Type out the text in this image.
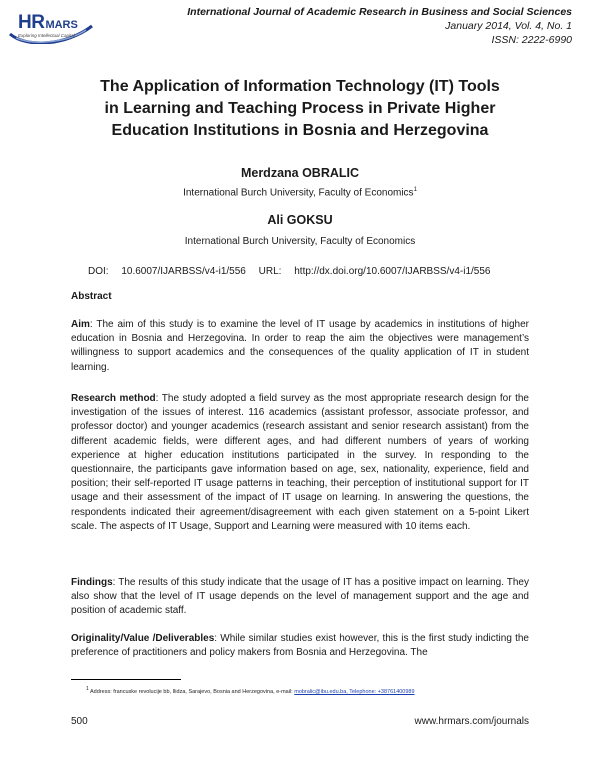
HRMARS
Exploring Intellectual Capital
International Journal of Academic Research in Business and Social Sciences
January 2014, Vol. 4, No. 1
ISSN: 2222-6990
The Application of Information Technology (IT) Tools
in Learning and Teaching Process in Private Higher
Education Institutions in Bosnia and Herzegovina
Merdzana OBRALIC
International Burch University, Faculty of Economics$^1$
Ali GOKSU
International Burch University, Faculty of Economics
DOI: 10.6007/IJARBSS/v4-i1/556 URL: http://dx.doi.org/10.6007/IJARBSS/v4-i1/556
Abstract
Aim: The aim of this study is to examine the level of IT usage by academics in institutions of higher education in Bosnia and Herzegovina. In order to reap the aim the objectives were management’s willingness to support academics and the consequences of the quality application of IT in student learning.
Research method: The study adopted a field survey as the most appropriate research design for the investigation of the issues of interest. 116 academics (assistant professor, associate professor, and professor doctor) and younger academics (research assistant and senior research assistant) from the different academic fields, were different ages, and had different numbers of years of working experience at higher education institutions participated in the survey. In responding to the questionnaire, the participants gave information based on age, sex, nationality, experience, field and position; their self-reported IT usage patterns in teaching, their perception of institutional support for IT usage and their assessment of the impact of IT usage on learning. In answering the questions, the respondents indicated their agreement/disagreement with each given statement on a 5-point Likert scale. The aspects of IT Usage, Support and Learning were measured with 10 items each.
Findings: The results of this study indicate that the usage of IT has a positive impact on learning. They also show that the level of IT usage depends on the level of management support and the age and position of academic staff.
Originality/Value /Deliverables: While similar studies exist however, this is the first study indicting the preference of practitioners and policy makers from Bosnia and Herzegovina. The
$^1$ Address: francuske revolucije bb, Ilidza, Sarajevo, Bosnia and Herzegovina, e-mail: mobralic@ibu.edu.ba, Telephone: +38761400989
500	www.hrmars.com/journals
